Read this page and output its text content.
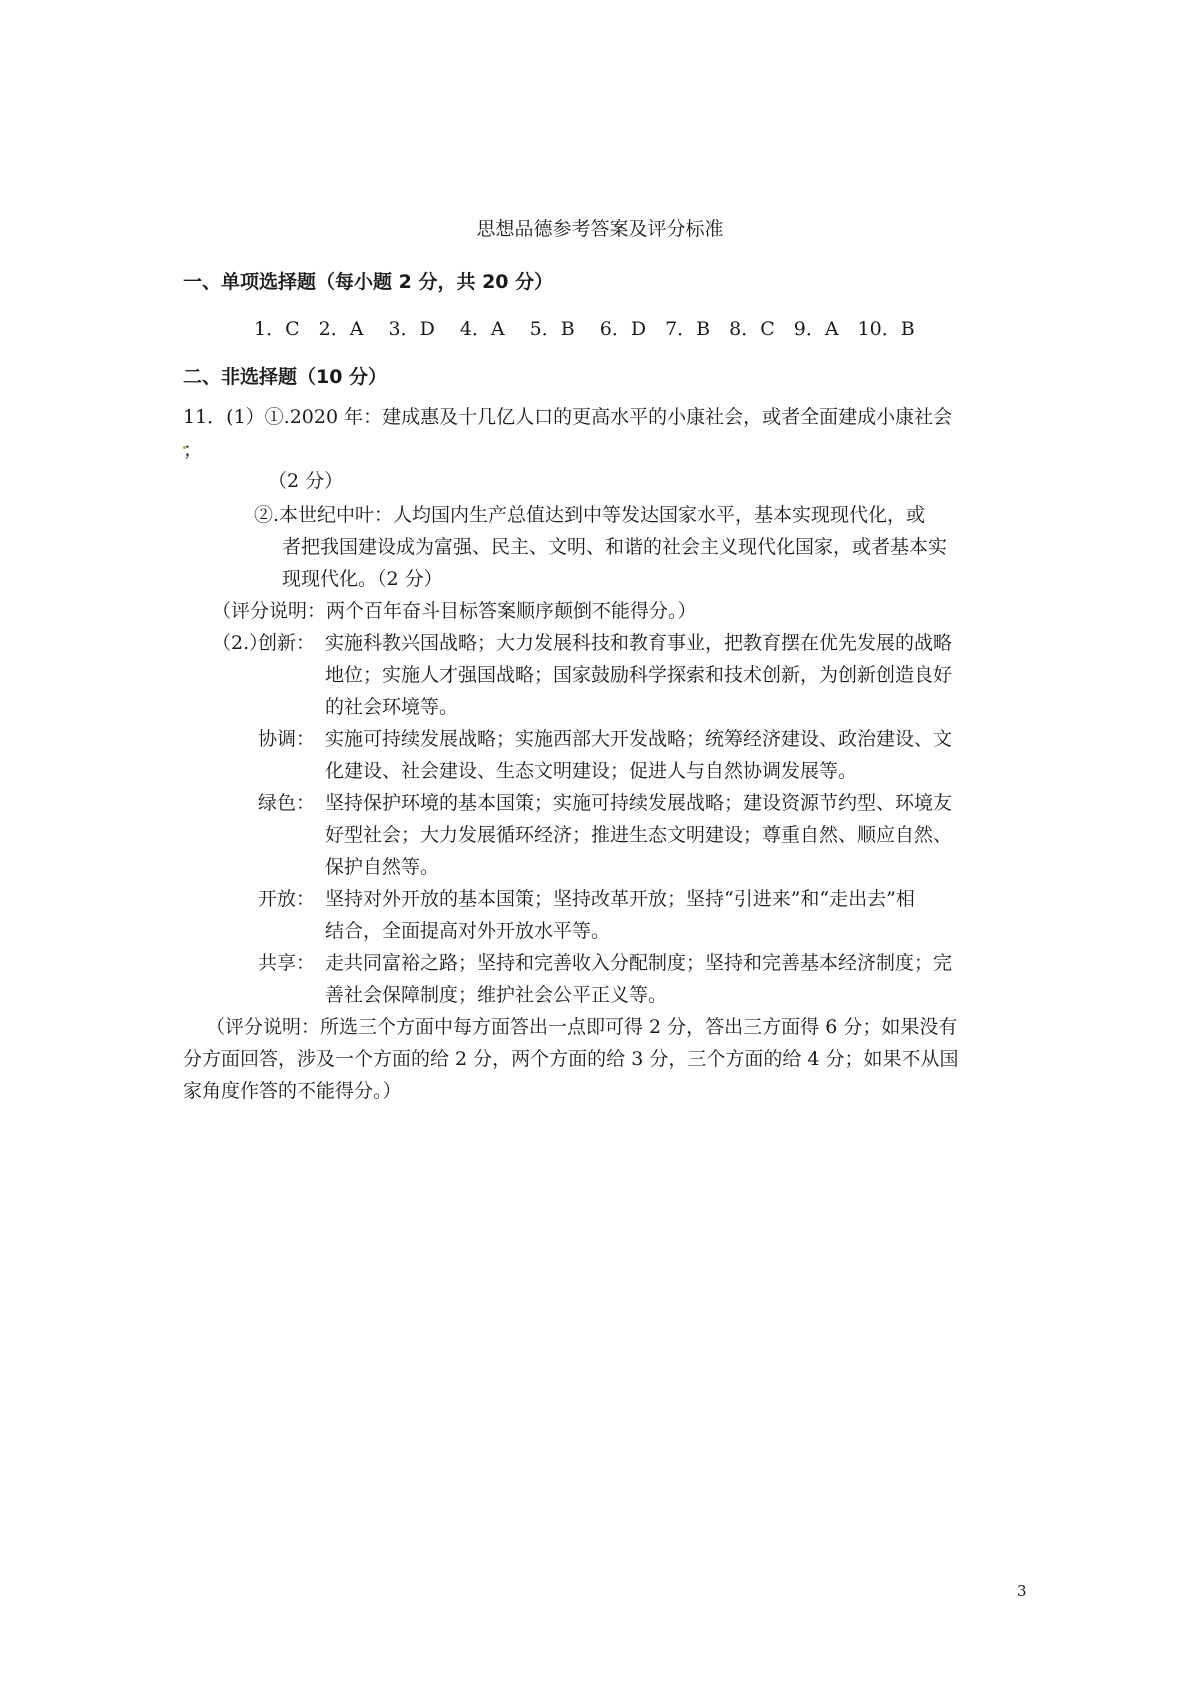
思想品德参考答案及评分标准
一、单项选择题（每小题 2 分，共 20 分）
1．C　2．A　 3．D　 4．A　 5．B　 6．D　7．B　8．C　9．A　10．B
二、非选择题（10 分）
11．(1）①.2020 年：建成惠及十几亿人口的更高水平的小康社会，或者全面建成小康社会
；
（2 分）
②.本世纪中叶：人均国内生产总值达到中等发达国家水平，基本实现现代化，或
者把我国建设成为富强、民主、文明、和谐的社会主义现代化国家，或者基本实
现现代化。（2 分）
（评分说明：两个百年奋斗目标答案顺序颠倒不能得分。）
（2.）
创新： 实施科教兴国战略；大力发展科技和教育事业，把教育摆在优先发展的战略
地位；实施人才强国战略；国家鼓励科学探索和技术创新，为创新创造良好
的社会环境等。
协调： 实施可持续发展战略；实施西部大开发战略；统筹经济建设、政治建设、文
化建设、社会建设、生态文明建设；促进人与自然协调发展等。
绿色： 坚持保护环境的基本国策；实施可持续发展战略；建设资源节约型、环境友
好型社会；大力发展循环经济；推进生态文明建设；尊重自然、顺应自然、
保护自然等。
开放： 坚持对外开放的基本国策；坚持改革开放；坚持“引进来”和“走出去”相
结合，全面提高对外开放水平等。
共享： 走共同富裕之路；坚持和完善收入分配制度；坚持和完善基本经济制度；完
善社会保障制度；维护社会公平正义等。
（评分说明：所选三个方面中每方面答出一点即可得 2 分，答出三方面得 6 分；如果没有
分方面回答，涉及一个方面的给 2 分，两个方面的给 3 分，三个方面的给 4 分；如果不从国
家角度作答的不能得分。）
3
